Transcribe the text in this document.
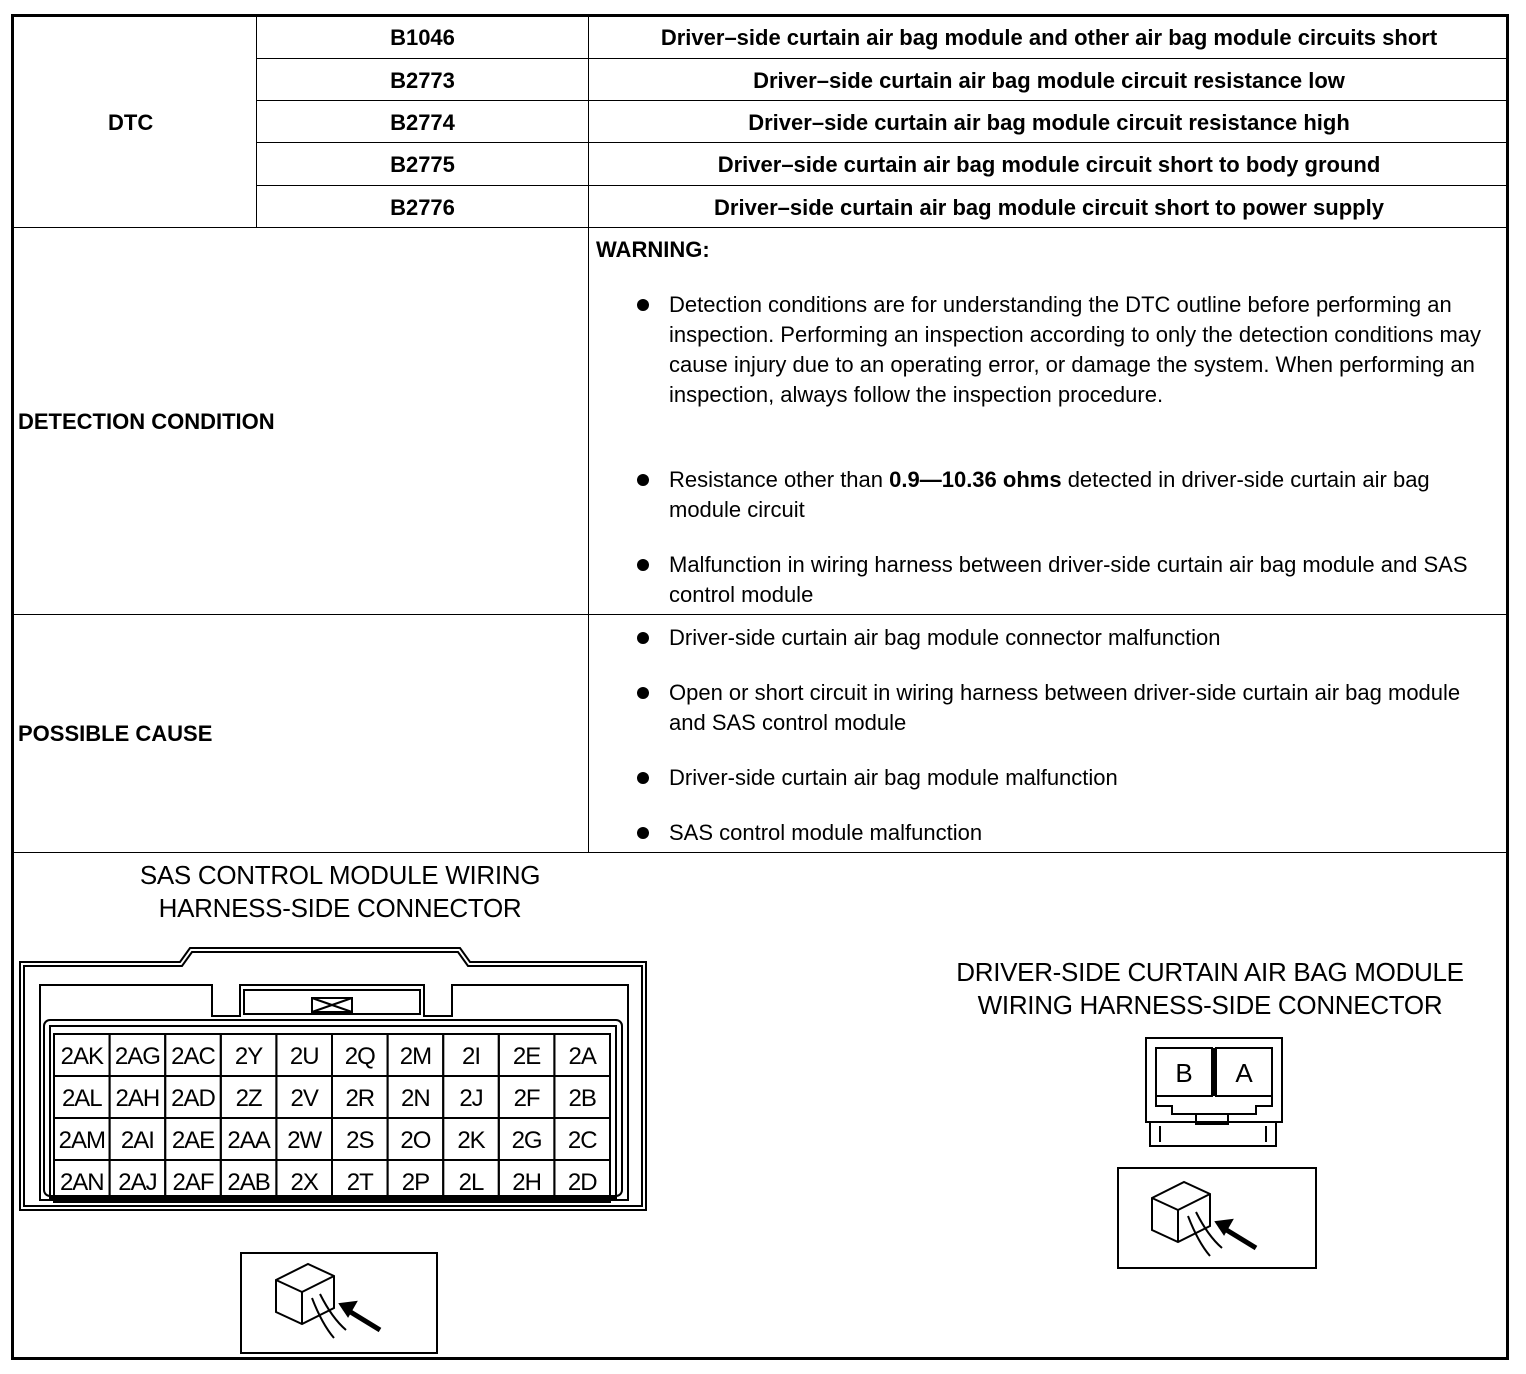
DTC
B1046	Driver–side curtain air bag module and other air bag module circuits short
B2773	Driver–side curtain air bag module circuit resistance low
B2774	Driver–side curtain air bag module circuit resistance high
B2775	Driver–side curtain air bag module circuit short to body ground
B2776	Driver–side curtain air bag module circuit short to power supply
DETECTION CONDITION
WARNING:
Detection conditions are for understanding the DTC outline before performing an inspection. Performing an inspection according to only the detection conditions may cause injury due to an operating error, or damage the system. When performing an inspection, always follow the inspection procedure.
Resistance other than 0.9—10.36 ohms detected in driver-side curtain air bag module circuit
Malfunction in wiring harness between driver-side curtain air bag module and SAS control module
POSSIBLE CAUSE
Driver-side curtain air bag module connector malfunction
Open or short circuit in wiring harness between driver-side curtain air bag module and SAS control module
Driver-side curtain air bag module malfunction
SAS control module malfunction
SAS CONTROL MODULE WIRING
HARNESS-SIDE CONNECTOR
DRIVER-SIDE CURTAIN AIR BAG MODULE
WIRING HARNESS-SIDE CONNECTOR
2AK 2AG 2AC 2Y 2U 2Q 2M 2I 2E 2A
2AL 2AH 2AD 2Z 2V 2R 2N 2J 2F 2B
2AM 2AI 2AE 2AA 2W 2S 2O 2K 2G 2C
2AN 2AJ 2AF 2AB 2X 2T 2P 2L 2H 2D
B A
